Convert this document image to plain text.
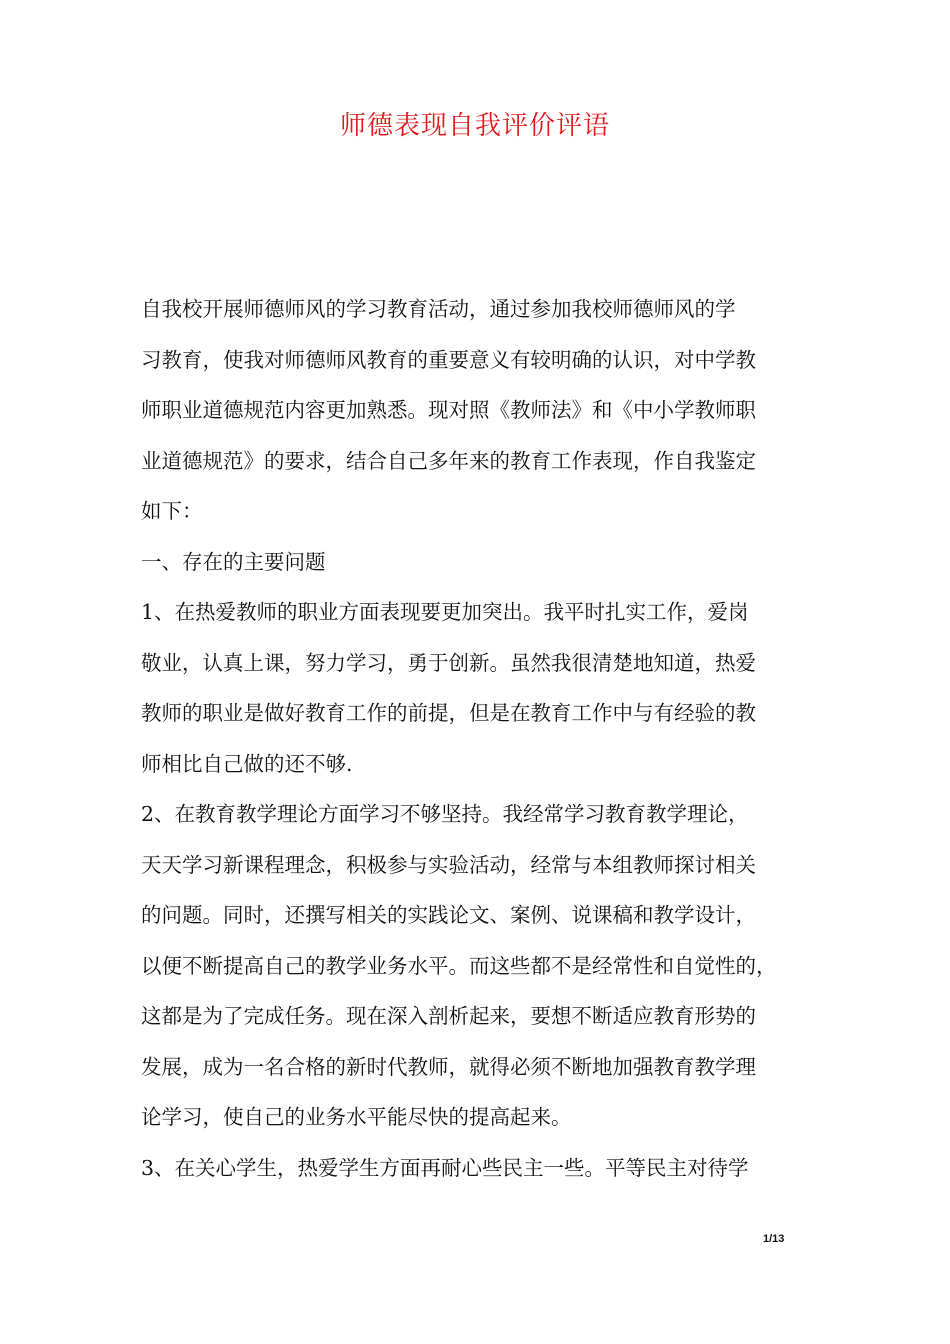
师德表现自我评价评语
自我校开展师德师风的学习教育活动，通过参加我校师德师风的学
习教育，使我对师德师风教育的重要意义有较明确的认识，对中学教
师职业道德规范内容更加熟悉。现对照《教师法》和《中小学教师职
业道德规范》的要求，结合自己多年来的教育工作表现，作自我鉴定
如下：
一、存在的主要问题
1、在热爱教师的职业方面表现要更加突出。我平时扎实工作，爱岗
敬业，认真上课，努力学习，勇于创新。虽然我很清楚地知道，热爱
教师的职业是做好教育工作的前提，但是在教育工作中与有经验的教
师相比自己做的还不够.
2、在教育教学理论方面学习不够坚持。我经常学习教育教学理论，
天天学习新课程理念，积极参与实验活动，经常与本组教师探讨相关
的问题。同时，还撰写相关的实践论文、案例、说课稿和教学设计，
以便不断提高自己的教学业务水平。而这些都不是经常性和自觉性的，
这都是为了完成任务。现在深入剖析起来，要想不断适应教育形势的
发展，成为一名合格的新时代教师，就得必须不断地加强教育教学理
论学习，使自己的业务水平能尽快的提高起来。
3、在关心学生，热爱学生方面再耐心些民主一些。平等民主对待学
1/13
